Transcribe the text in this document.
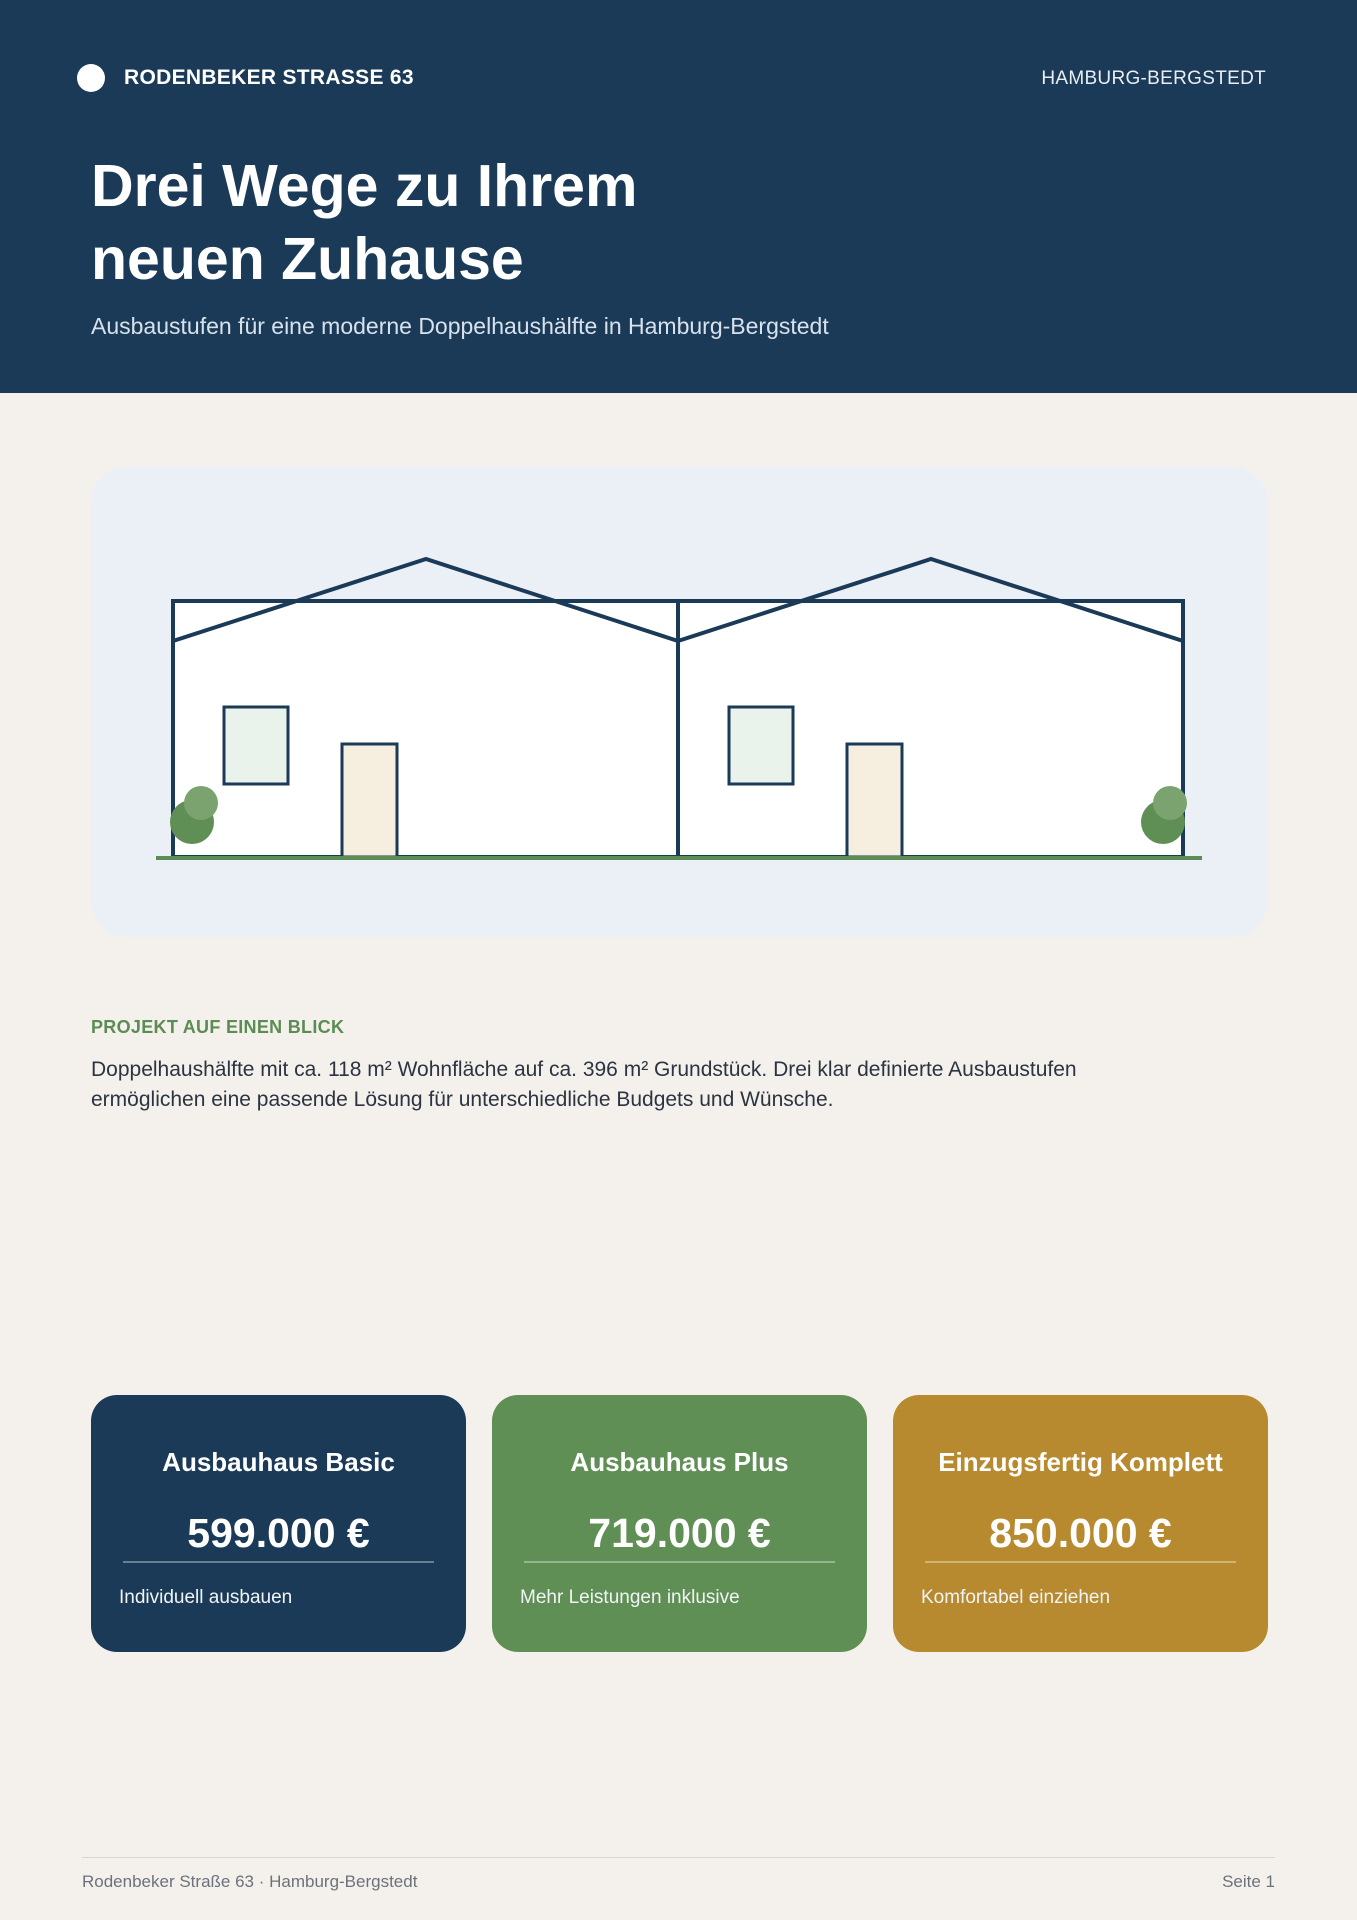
RODENBEKER STRASSE 63	HAMBURG-BERGSTEDT
Drei Wege zu Ihrem
neuen Zuhause
Ausbaustufen für eine moderne Doppelhaushälfte in Hamburg-Bergstedt
PROJEKT AUF EINEN BLICK

Doppelhaushälfte mit ca. 118 m² Wohnfläche auf ca. 396 m² Grundstück. Drei klar definierte Ausbaustufen ermöglichen eine passende Lösung für unterschiedliche Budgets und Wünsche.

Ausbauhaus Basic
599.000 €
Individuell ausbauen
Ausbauhaus Plus
719.000 €
Mehr Leistungen inklusive
Einzugsfertig Komplett
850.000 €
Komfortabel einziehen
Rodenbeker Straße 63 · Hamburg-Bergstedt	Seite 1
